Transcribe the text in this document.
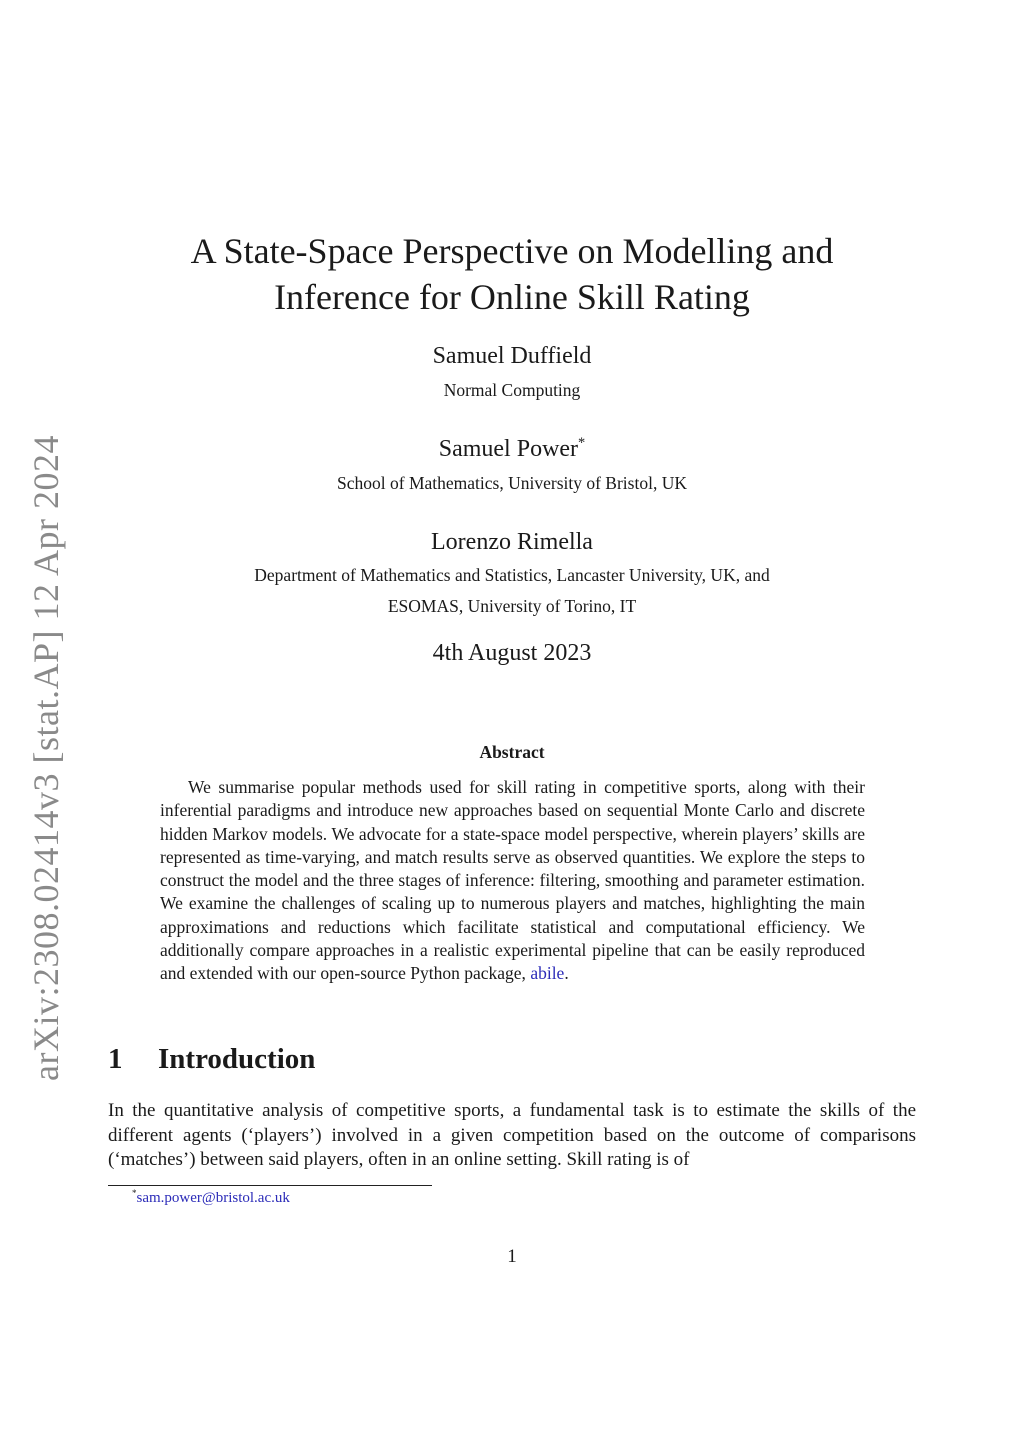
arXiv:2308.02414v3 [stat.AP] 12 Apr 2024
A State-Space Perspective on Modelling and
Inference for Online Skill Rating
Samuel Duffield
Normal Computing
Samuel Power*
School of Mathematics, University of Bristol, UK
Lorenzo Rimella
Department of Mathematics and Statistics, Lancaster University, UK, and
ESOMAS, University of Torino, IT
4th August 2023
Abstract

We summarise popular methods used for skill rating in competitive sports, along with their inferential paradigms and introduce new approaches based on sequential Monte Carlo and discrete hidden Markov models. We advocate for a state-space model perspective, wherein players’ skills are represented as time-varying, and match results serve as observed quantities. We explore the steps to construct the model and the three stages of inference: filtering, smoothing and parameter estimation. We examine the challenges of scaling up to numerous players and matches, highlighting the main approximations and reductions which facilitate statistical and computational efficiency. We additionally compare approaches in a realistic experimental pipeline that can be easily reproduced and extended with our open-source Python package, abile.

1 Introduction

In the quantitative analysis of competitive sports, a fundamental task is to estimate the skills of the different agents (‘players’) involved in a given competition based on the outcome of comparisons (‘matches’) between said players, often in an online setting. Skill rating is of

*sam.power@bristol.ac.uk
1
